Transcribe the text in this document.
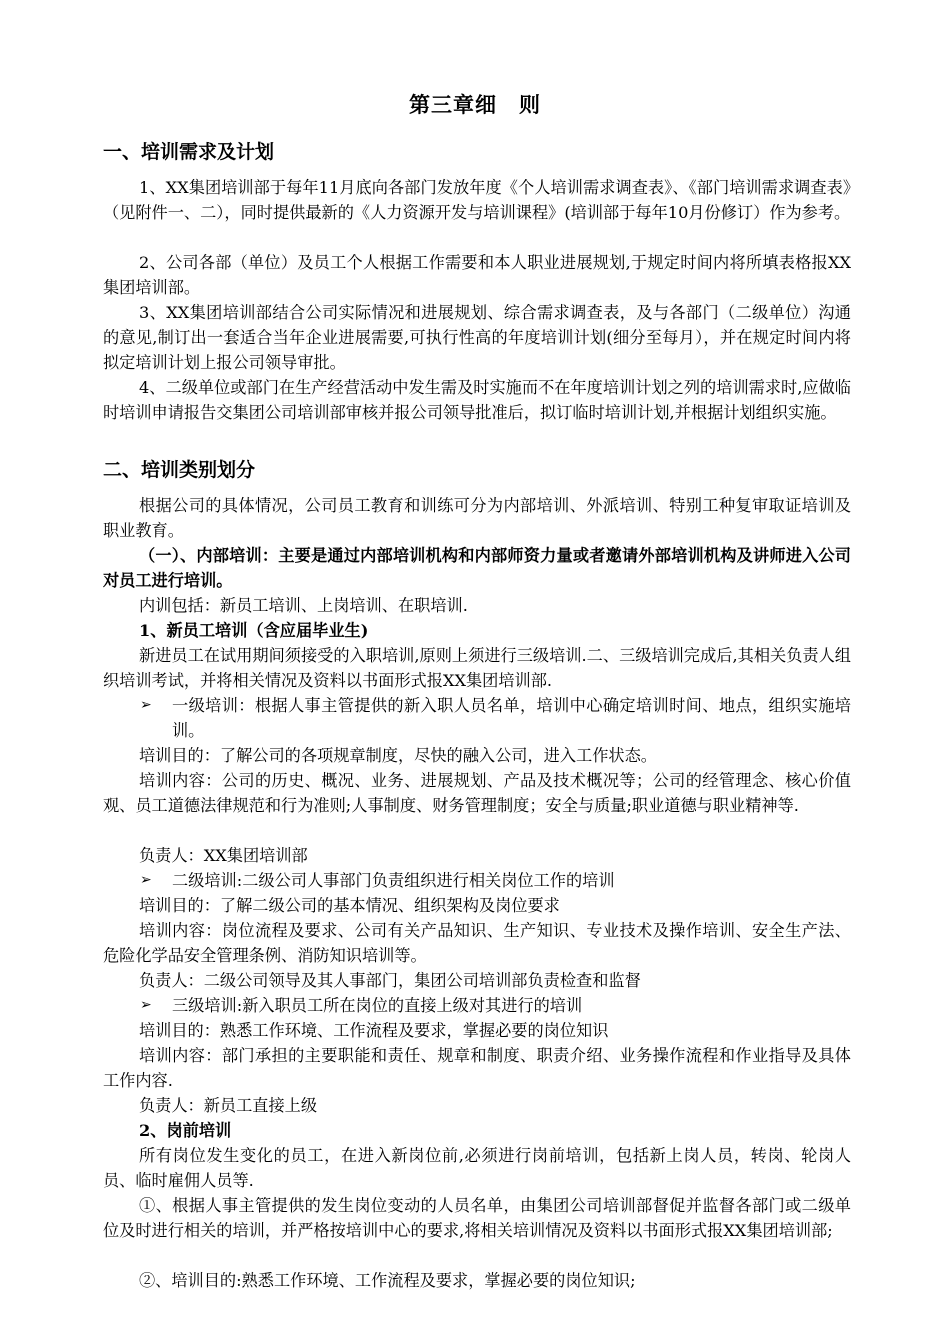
第三章细　则
一、培训需求及计划
1、XX集团培训部于每年11月底向各部门发放年度《个人培训需求调查表》、《部门培训需求调查表》（见附件一、二），同时提供最新的《人力资源开发与培训课程》(培训部于每年10月份修订）作为参考。
2、公司各部（单位）及员工个人根据工作需要和本人职业进展规划,于规定时间内将所填表格报XX集团培训部。
3、XX集团培训部结合公司实际情况和进展规划、综合需求调查表，及与各部门（二级单位）沟通的意见,制订出一套适合当年企业进展需要,可执行性高的年度培训计划(细分至每月），并在规定时间内将拟定培训计划上报公司领导审批。
4、二级单位或部门在生产经营活动中发生需及时实施而不在年度培训计划之列的培训需求时,应做临时培训申请报告交集团公司培训部审核并报公司领导批准后，拟订临时培训计划,并根据计划组织实施。
二、培训类别划分
根据公司的具体情况，公司员工教育和训练可分为内部培训、外派培训、特别工种复审取证培训及职业教育。
（一）、内部培训：主要是通过内部培训机构和内部师资力量或者邀请外部培训机构及讲师进入公司对员工进行培训。
内训包括：新员工培训、上岗培训、在职培训.
1、新员工培训（含应届毕业生)
新进员工在试用期间须接受的入职培训,原则上须进行三级培训.二、三级培训完成后,其相关负责人组织培训考试，并将相关情况及资料以书面形式报XX集团培训部.
➢	一级培训：根据人事主管提供的新入职人员名单，培训中心确定培训时间、地点，组织实施培训。
培训目的：了解公司的各项规章制度，尽快的融入公司，进入工作状态。
培训内容：公司的历史、概况、业务、进展规划、产品及技术概况等；公司的经管理念、核心价值观、员工道德法律规范和行为准则;人事制度、财务管理制度；安全与质量;职业道德与职业精神等.
负责人：XX集团培训部
➢	二级培训:二级公司人事部门负责组织进行相关岗位工作的培训
培训目的：了解二级公司的基本情况、组织架构及岗位要求
培训内容：岗位流程及要求、公司有关产品知识、生产知识、专业技术及操作培训、安全生产法、危险化学品安全管理条例、消防知识培训等。
负责人：二级公司领导及其人事部门，集团公司培训部负责检查和监督
➢	三级培训:新入职员工所在岗位的直接上级对其进行的培训
培训目的：熟悉工作环境、工作流程及要求，掌握必要的岗位知识
培训内容：部门承担的主要职能和责任、规章和制度、职责介绍、业务操作流程和作业指导及具体工作内容.
负责人：新员工直接上级
2、岗前培训
所有岗位发生变化的员工，在进入新岗位前,必须进行岗前培训，包括新上岗人员，转岗、轮岗人员、临时雇佣人员等.
①、根据人事主管提供的发生岗位变动的人员名单，由集团公司培训部督促并监督各部门或二级单位及时进行相关的培训，并严格按培训中心的要求,将相关培训情况及资料以书面形式报XX集团培训部;
②、培训目的:熟悉工作环境、工作流程及要求，掌握必要的岗位知识;
